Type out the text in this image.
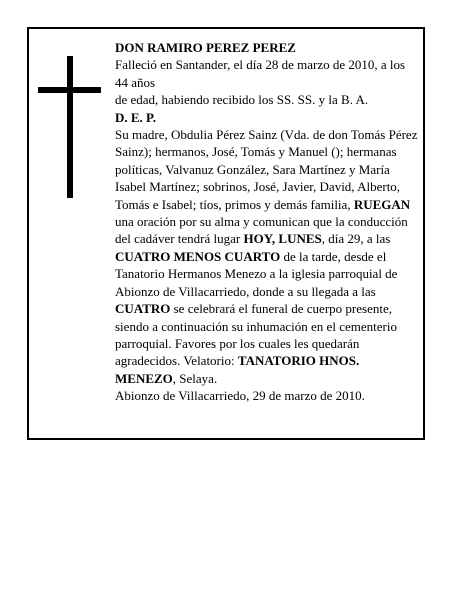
DON RAMIRO PEREZ PEREZ

Falleció en Santander, el día 28 de marzo de 2010, a los 44 años

de edad, habiendo recibido los SS. SS. y la B. A.

D. E. P.

Su madre, Obdulia Pérez Sainz (Vda. de don Tomás Pérez Sainz); hermanos, José, Tomás y Manuel (); hermanas políticas, Valvanuz González, Sara Martínez y María Isabel Martínez; sobrinos, José, Javier, David, Alberto, Tomás e Isabel; tíos, primos y demás familia, RUEGAN una oración por su alma y comunican que la conducción del cadáver tendrá lugar HOY, LUNES, día 29, a las CUATRO MENOS CUARTO de la tarde, desde el Tanatorio Hermanos Menezo a la iglesia parroquial de Abionzo de Villacarriedo, donde a su llegada a las CUATRO se celebrará el funeral de cuerpo presente, siendo a continuación su inhumación en el cementerio parroquial. Favores por los cuales les quedarán agradecidos. Velatorio: TANATORIO HNOS. MENEZO, Selaya.

Abionzo de Villacarriedo, 29 de marzo de 2010.
